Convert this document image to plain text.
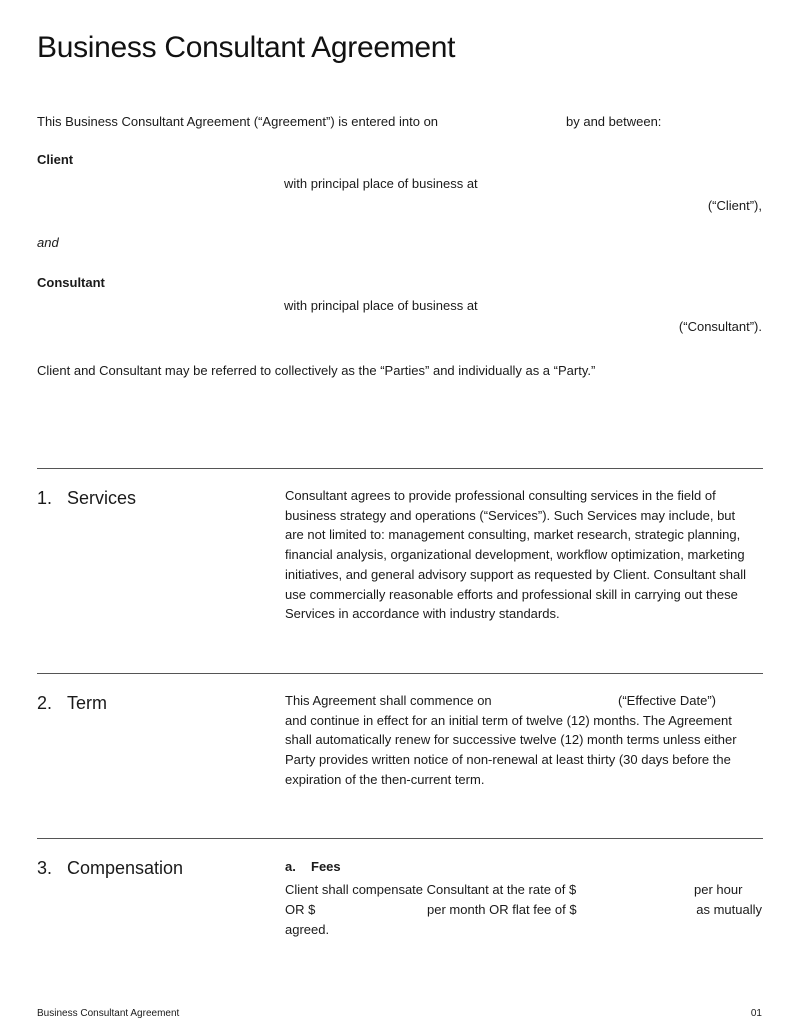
Business Consultant Agreement
This Business Consultant Agreement (“Agreement”) is entered into on	by and between:
Client
with principal place of business at
(“Client”),
and
Consultant
with principal place of business at
(“Consultant”).
Client and Consultant may be referred to collectively as the “Parties” and individually as a “Party.”
1. Services	Consultant agrees to provide professional consulting services in the field of
business strategy and operations (“Services”). Such Services may include, but
are not limited to: management consulting, market research, strategic planning,
financial analysis, organizational development, workflow optimization, marketing
initiatives, and general advisory support as requested by Client. Consultant shall
use commercially reasonable efforts and professional skill in carrying out these
Services in accordance with industry standards.
2. Term	This Agreement shall commence on	(“Effective Date”)
and continue in effect for an initial term of twelve (12) months. The Agreement
shall automatically renew for successive twelve (12) month terms unless either
Party provides written notice of non-renewal at least thirty (30 days before the
expiration of the then-current term.
3. Compensation	a. Fees
Client shall compensate Consultant at the rate of $	per hour
OR $	per month OR flat fee of $	as mutually
agreed.
Business Consultant Agreement	01
